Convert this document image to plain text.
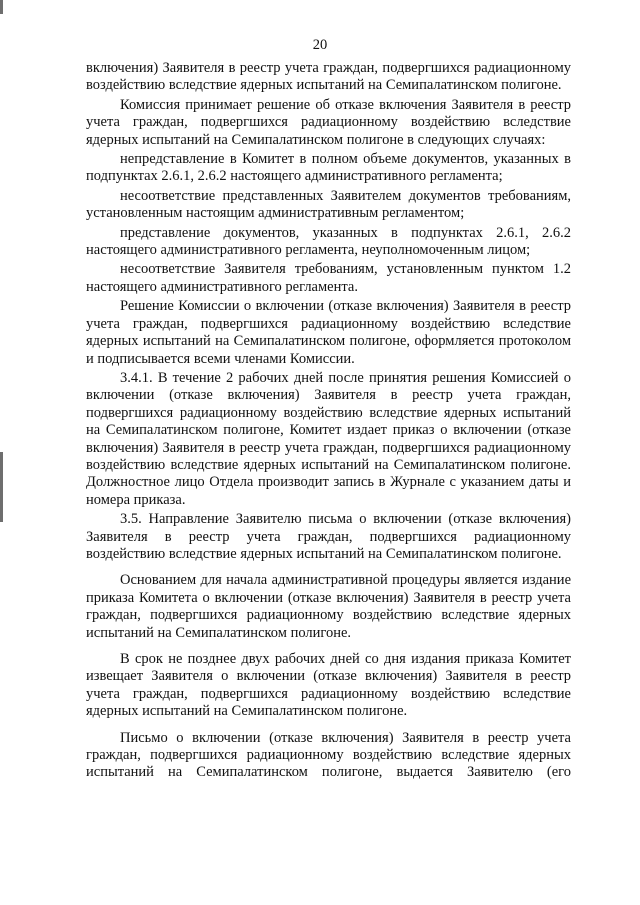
20

включения) Заявителя в реестр учета граждан, подвергшихся радиационному воздействию вследствие ядерных испытаний на Семипалатинском полигоне.

Комиссия принимает решение об отказе включения Заявителя в реестр учета граждан, подвергшихся радиационному воздействию вследствие ядерных испытаний на Семипалатинском полигоне в следующих случаях:

непредставление в Комитет в полном объеме документов, указанных в подпунктах 2.6.1, 2.6.2 настоящего административного регламента;

несоответствие представленных Заявителем документов требованиям, установленным настоящим административным регламентом;

представление документов, указанных в подпунктах 2.6.1, 2.6.2 настоящего административного регламента, неуполномоченным лицом;

несоответствие Заявителя требованиям, установленным пунктом 1.2 настоящего административного регламента.

Решение Комиссии о включении (отказе включения) Заявителя в реестр учета граждан, подвергшихся радиационному воздействию вследствие ядерных испытаний на Семипалатинском полигоне, оформляется протоколом и подписывается всеми членами Комиссии.

3.4.1. В течение 2 рабочих дней после принятия решения Комиссией о включении (отказе включения) Заявителя в реестр учета граждан, подвергшихся радиационному воздействию вследствие ядерных испытаний на Семипалатинском полигоне, Комитет издает приказ о включении (отказе включения) Заявителя в реестр учета граждан, подвергшихся радиационному воздействию вследствие ядерных испытаний на Семипалатинском полигоне. Должностное лицо Отдела производит запись в Журнале с указанием даты и номера приказа.

3.5. Направление Заявителю письма о включении (отказе включения) Заявителя в реестр учета граждан, подвергшихся радиационному воздействию вследствие ядерных испытаний на Семипалатинском полигоне.

Основанием для начала административной процедуры является издание приказа Комитета о включении (отказе включения) Заявителя в реестр учета граждан, подвергшихся радиационному воздействию вследствие ядерных испытаний на Семипалатинском полигоне.

В срок не позднее двух рабочих дней со дня издания приказа Комитет извещает Заявителя о включении (отказе включения) Заявителя в реестр учета граждан, подвергшихся радиационному воздействию вследствие ядерных испытаний на Семипалатинском полигоне.

Письмо о включении (отказе включения) Заявителя в реестр учета граждан, подвергшихся радиационному воздействию вследствие ядерных испытаний на Семипалатинском полигоне, выдается Заявителю (его
